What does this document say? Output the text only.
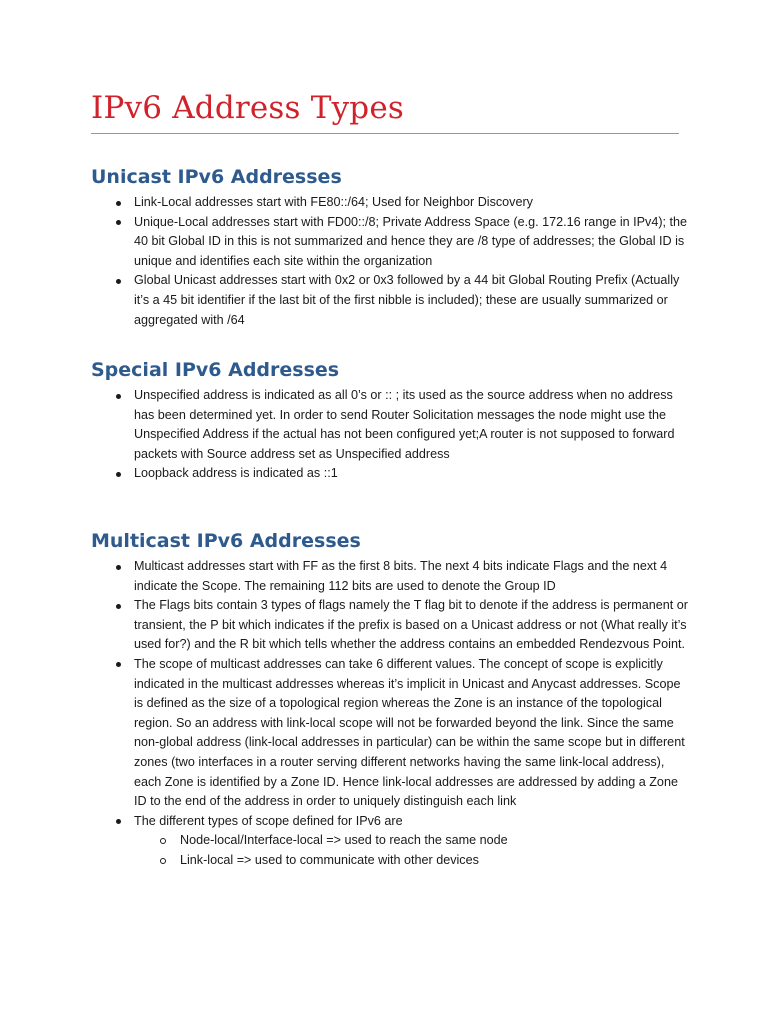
IPv6 Address Types
Unicast IPv6 Addresses
Link-Local addresses start with FE80::/64; Used for Neighbor Discovery
Unique-Local addresses start with FD00::/8; Private Address Space (e.g. 172.16 range in IPv4); the 40 bit Global ID in this is not summarized and hence they are /8 type of addresses; the Global ID is unique and identifies each site within the organization
Global Unicast addresses start with 0x2 or 0x3 followed by a 44 bit Global Routing Prefix (Actually it’s a 45 bit identifier if the last bit of the first nibble is included); these are usually summarized or aggregated with /64
Special IPv6 Addresses
Unspecified address is indicated as all 0’s or :: ; its used as the source address when no address has been determined yet. In order to send Router Solicitation messages the node might use the Unspecified Address if the actual has not been configured yet;A router is not supposed to forward packets with Source address set as Unspecified address
Loopback address is indicated as ::1
Multicast IPv6 Addresses
Multicast addresses start with FF as the first 8 bits. The next 4 bits indicate Flags and the next 4 indicate the Scope. The remaining 112 bits are used to denote the Group ID
The Flags bits contain 3 types of flags namely the T flag bit to denote if the address is permanent or transient, the P bit which indicates if the prefix is based on a Unicast address or not (What really it’s used for?) and the R bit which tells whether the address contains an embedded Rendezvous Point.
The scope of multicast addresses can take 6 different values. The concept of scope is explicitly indicated in the multicast addresses whereas it’s implicit in Unicast and Anycast addresses. Scope is defined as the size of a topological region whereas the Zone is an instance of the topological region. So an address with link-local scope will not be forwarded beyond the link. Since the same non-global address (link-local addresses in particular) can be within the same scope but in different zones (two interfaces in a router serving different networks having the same link-local address), each Zone is identified by a Zone ID. Hence link-local addresses are addressed by adding a Zone ID to the end of the address in order to uniquely distinguish each link
The different types of scope defined for IPv6 are
Node-local/Interface-local => used to reach the same node
Link-local => used to communicate with other devices
